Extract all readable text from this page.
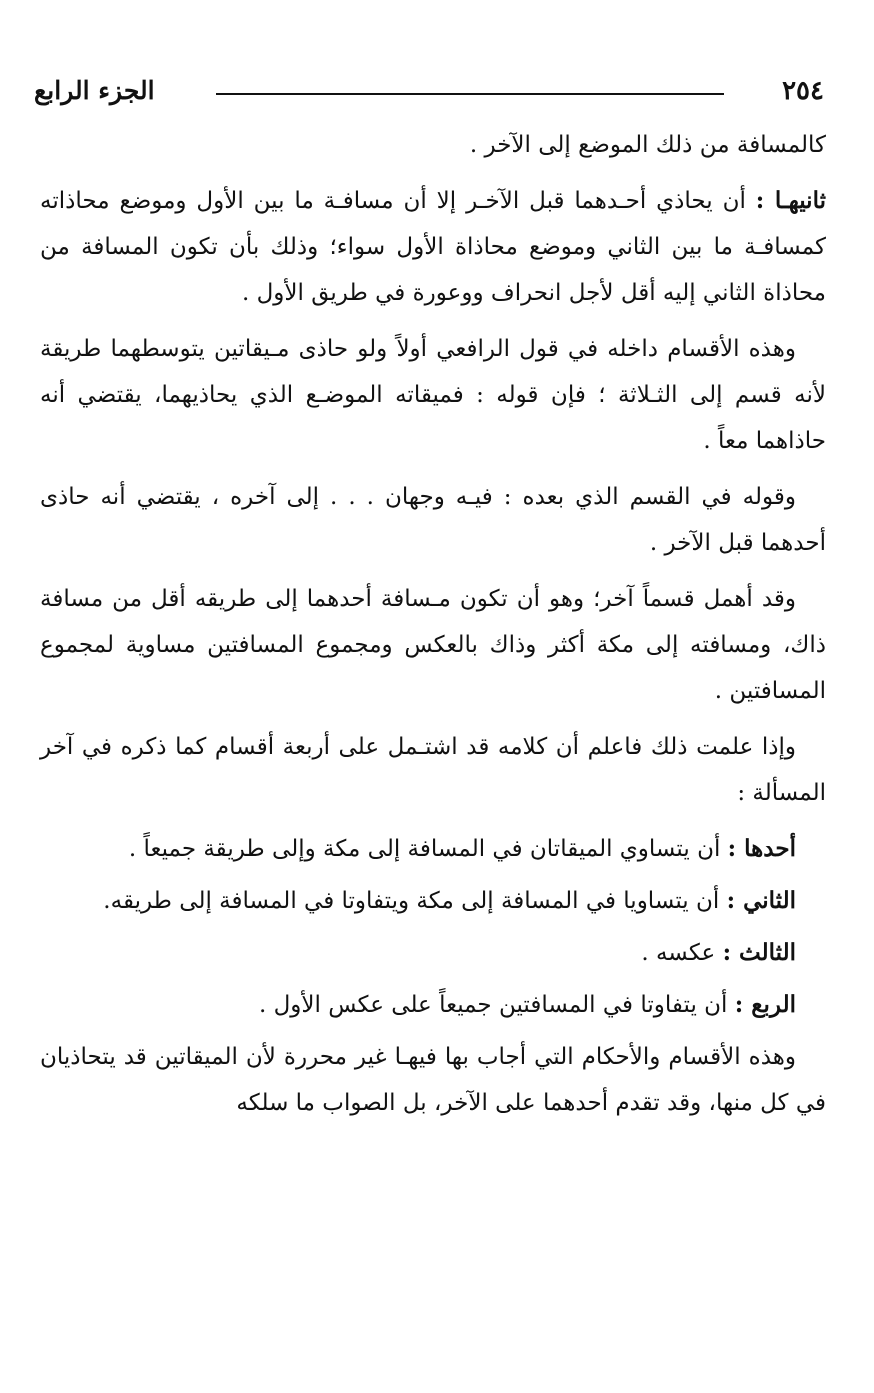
٢٥٤
الجزء الرابع

كالمسافة من ذلك الموضع إلى الآخر .

ثانيهـا : أن يحاذي أحـدهما قبل الآخـر إلا أن مسافـة ما بين الأول وموضع محاذاته كمسافـة ما بين الثاني وموضع محاذاة الأول سواء؛ وذلك بأن تكون المسافة من محاذاة الثاني إليه أقل لأجل انحراف ووعورة في طريق الأول .

وهذه الأقسام داخله في قول الرافعي أولاً ولو حاذى مـيقاتين يتوسطهما طريقة لأنه قسم إلى الثـلاثة ؛ فإن قوله : فميقاته الموضـع الذي يحاذيهما، يقتضي أنه حاذاهما معاً .

وقوله في القسم الذي بعده : فيـه وجهان . . . إلى آخره ، يقتضي أنه حاذى أحدهما قبل الآخر .

وقد أهمل قسماً آخر؛ وهو أن تكون مـسافة أحدهما إلى طريقه أقل من مسافة ذاك، ومسافته إلى مكة أكثر وذاك بالعكس ومجموع المسافتين مساوية لمجموع المسافتين .

وإذا علمت ذلك فاعلم أن كلامه قد اشتـمل على أربعة أقسام كما ذكره في آخر المسألة :

أحدها : أن يتساوي الميقاتان في المسافة إلى مكة وإلى طريقة جميعاً .

الثاني : أن يتساويا في المسافة إلى مكة ويتفاوتا في المسافة إلى طريقه.

الثالث : عكسه .

الربع : أن يتفاوتا في المسافتين جميعاً على عكس الأول .

وهذه الأقسام والأحكام التي أجاب بها فيهـا غير محررة لأن الميقاتين قد يتحاذيان في كل منها، وقد تقدم أحدهما على الآخر، بل الصواب ما سلكه
